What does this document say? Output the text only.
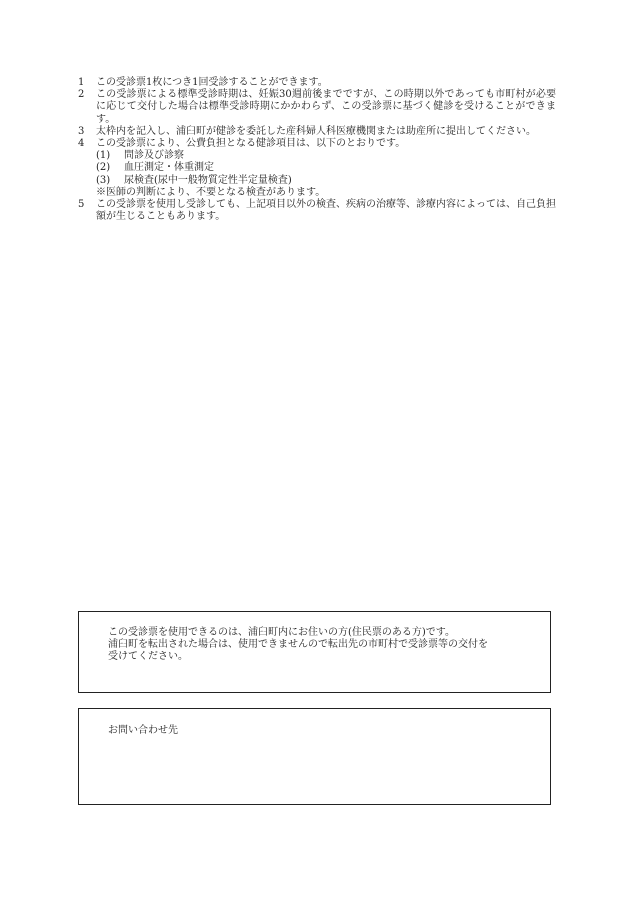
1	この受診票1枚につき1回受診することができます。
2	この受診票による標準受診時期は、妊娠30週前後までですが、この時期以外であっても市町村が必要に応じて交付した場合は標準受診時期にかかわらず、この受診票に基づく健診を受けることができます。
3	太枠内を記入し、浦臼町が健診を委託した産科婦人科医療機関または助産所に提出してください。
4	この受診票により、公費負担となる健診項目は、以下のとおりです。
(1) 問診及び診察
(2) 血圧測定・体重測定
(3) 尿検査(尿中一般物質定性半定量検査)
※医師の判断により、不要となる検査があります。
5	この受診票を使用し受診しても、上記項目以外の検査、疾病の治療等、診療内容によっては、自己負担額が生じることもあります。

この受診票を使用できるのは、浦臼町内にお住いの方(住民票のある方)です。

浦臼町を転出された場合は、使用できませんので転出先の市町村で受診票等の交付を受けてください。

お問い合わせ先
